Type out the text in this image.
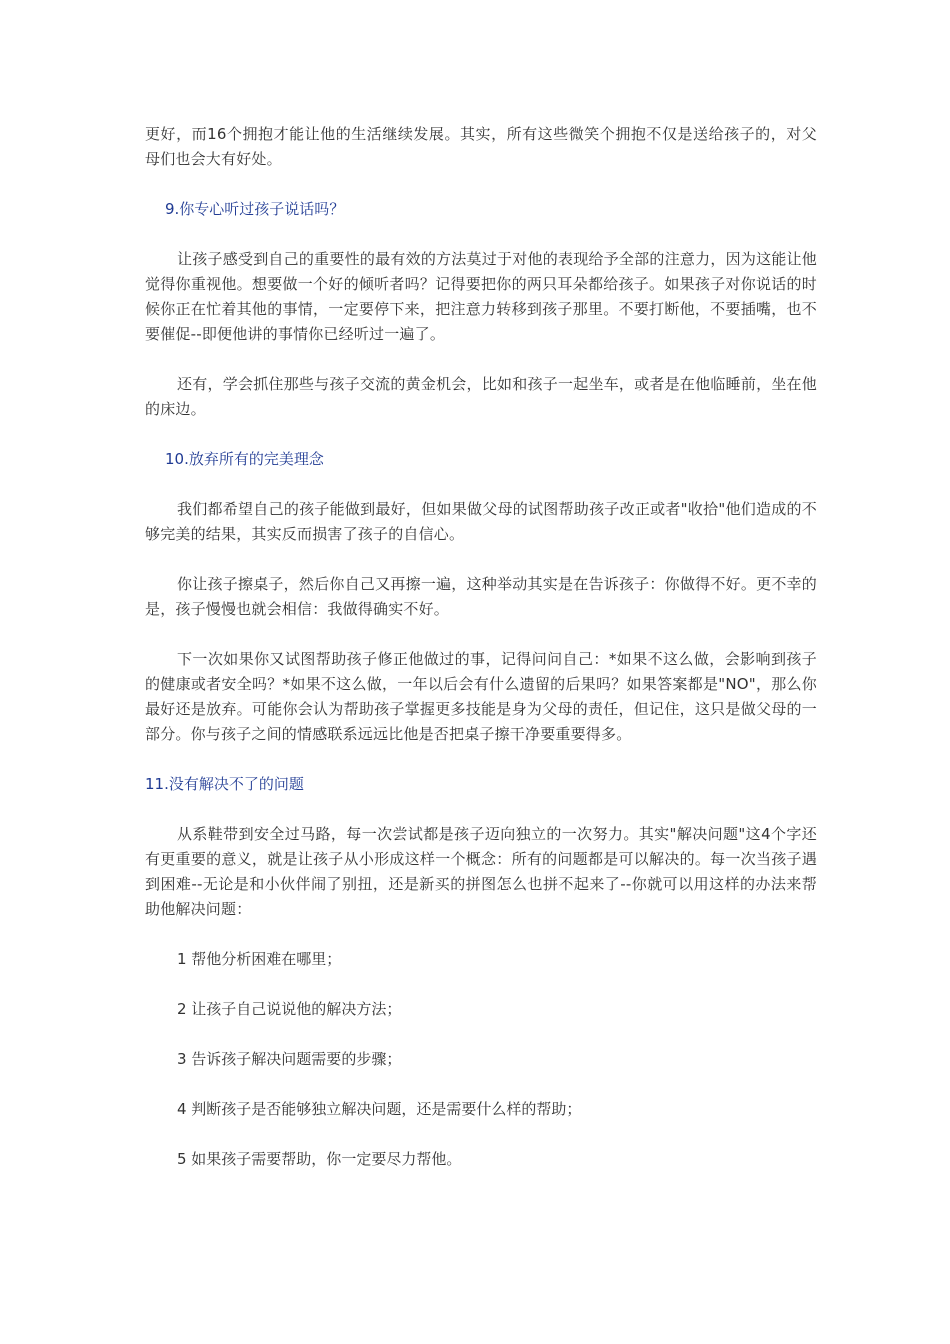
更好，而16个拥抱才能让他的生活继续发展。其实，所有这些微笑个拥抱不仅是送给孩子的，对父母们也会大有好处。

9.你专心听过孩子说话吗？

让孩子感受到自己的重要性的最有效的方法莫过于对他的表现给予全部的注意力，因为这能让他觉得你重视他。想要做一个好的倾听者吗？记得要把你的两只耳朵都给孩子。如果孩子对你说话的时候你正在忙着其他的事情，一定要停下来，把注意力转移到孩子那里。不要打断他，不要插嘴，也不要催促--即便他讲的事情你已经听过一遍了。

还有，学会抓住那些与孩子交流的黄金机会，比如和孩子一起坐车，或者是在他临睡前，坐在他的床边。

10.放弃所有的完美理念

我们都希望自己的孩子能做到最好，但如果做父母的试图帮助孩子改正或者"收拾"他们造成的不够完美的结果，其实反而损害了孩子的自信心。

你让孩子擦桌子，然后你自己又再擦一遍，这种举动其实是在告诉孩子：你做得不好。更不幸的是，孩子慢慢也就会相信：我做得确实不好。

下一次如果你又试图帮助孩子修正他做过的事，记得问问自己：*如果不这么做，会影响到孩子的健康或者安全吗？*如果不这么做，一年以后会有什么遗留的后果吗？如果答案都是"NO"，那么你最好还是放弃。可能你会认为帮助孩子掌握更多技能是身为父母的责任，但记住，这只是做父母的一部分。你与孩子之间的情感联系远远比他是否把桌子擦干净要重要得多。

11.没有解决不了的问题

从系鞋带到安全过马路，每一次尝试都是孩子迈向独立的一次努力。其实"解决问题"这4个字还有更重要的意义，就是让孩子从小形成这样一个概念：所有的问题都是可以解决的。每一次当孩子遇到困难--无论是和小伙伴闹了别扭，还是新买的拼图怎么也拼不起来了--你就可以用这样的办法来帮助他解决问题：

1 帮他分析困难在哪里；

2 让孩子自己说说他的解决方法；

3 告诉孩子解决问题需要的步骤；

4 判断孩子是否能够独立解决问题，还是需要什么样的帮助；

5 如果孩子需要帮助，你一定要尽力帮他。
